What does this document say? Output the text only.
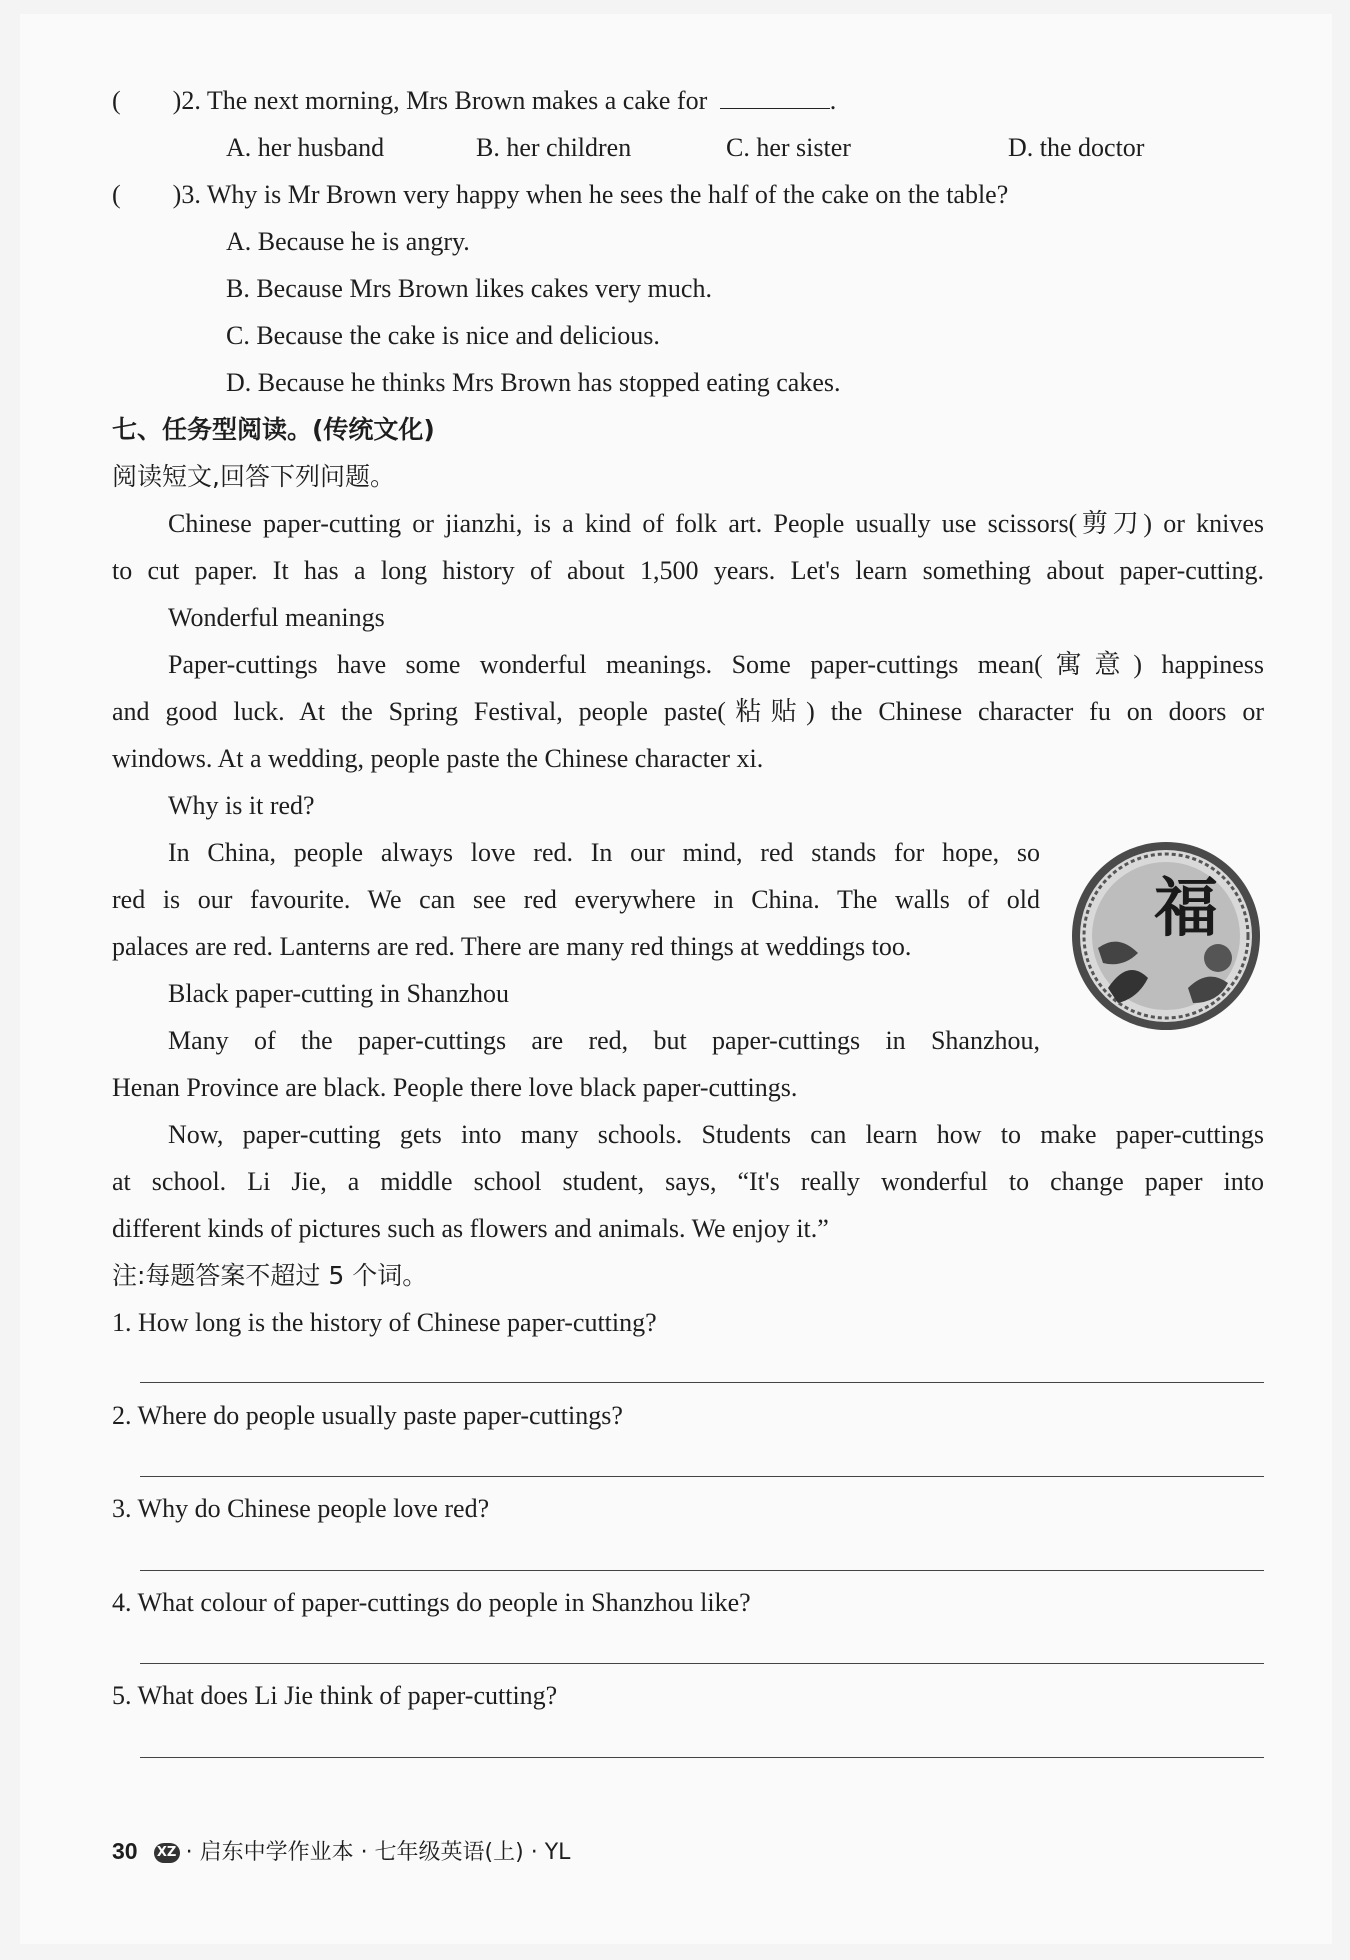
( )2. The next morning, Mrs Brown makes a cake for	.
A. her husband	B. her children	C. her sister	D. the doctor
( )3. Why is Mr Brown very happy when he sees the half of the cake on the table?
A. Because he is angry.
B. Because Mrs Brown likes cakes very much.
C. Because the cake is nice and delicious.
D. Because he thinks Mrs Brown has stopped eating cakes.
七、任务型阅读。(传统文化)
阅读短文,回答下列问题。
Chinese paper-cutting or jianzhi, is a kind of folk art. People usually use scissors(剪刀) or knives
to cut paper. It has a long history of about 1,500 years. Let's learn something about paper-cutting.
Wonderful meanings
Paper-cuttings have some wonderful meanings. Some paper-cuttings mean(寓意) happiness
and good luck. At the Spring Festival, people paste(粘贴) the Chinese character fu on doors or
windows. At a wedding, people paste the Chinese character xi.
Why is it red?
In China, people always love red. In our mind, red stands for hope, so
red is our favourite. We can see red everywhere in China. The walls of old
palaces are red. Lanterns are red. There are many red things at weddings too.
Black paper-cutting in Shanzhou
Many of the paper-cuttings are red, but paper-cuttings in Shanzhou,
Henan Province are black. People there love black paper-cuttings.
Now, paper-cutting gets into many schools. Students can learn how to make paper-cuttings
at school. Li Jie, a middle school student, says, “It's really wonderful to change paper into
different kinds of pictures such as flowers and animals. We enjoy it.”
福
注:每题答案不超过 5 个词。
1. How long is the history of Chinese paper-cutting?
2. Where do people usually paste paper-cuttings?
3. Why do Chinese people love red?
4. What colour of paper-cuttings do people in Shanzhou like?
5. What does Li Jie think of paper-cutting?
30 XZ · 启东中学作业本 · 七年级英语(上) · YL
